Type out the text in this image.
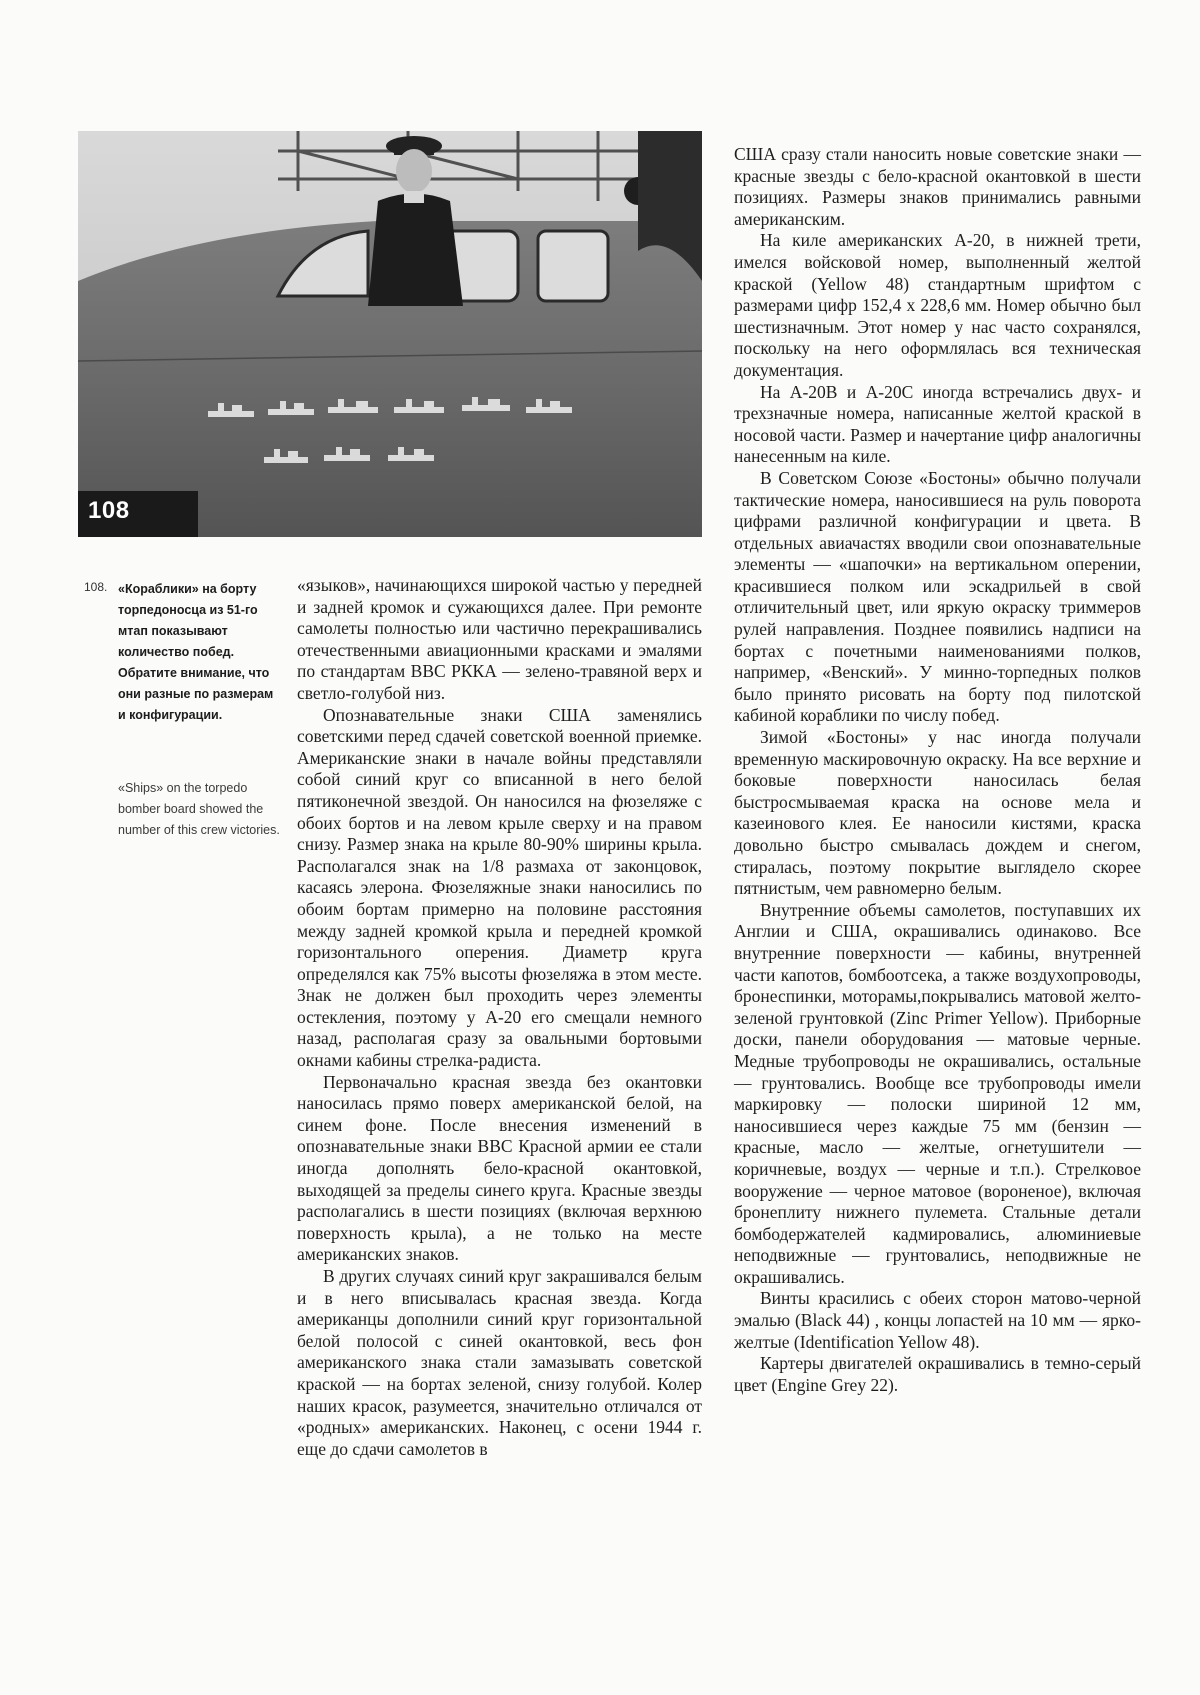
108
108. «Кораблики» на борту торпедоносца из 51-го мтап показывают количество побед. Обратите внимание, что они разные по размерам и конфигурации.
«Ships» on the torpedo bomber board showed the number of this crew victories.

«языков», начинающихся широкой частью у передней и задней кромок и сужающихся далее. При ремонте самолеты полностью или частично перекрашивались отечественными авиационными красками и эмалями по стандартам ВВС РККА — зелено-травяной верх и светло-голубой низ.

Опознавательные знаки США заменялись советскими перед сдачей советской военной приемке. Американские знаки в начале войны представляли собой синий круг со вписанной в него белой пятиконечной звездой. Он наносился на фюзеляже с обоих бортов и на левом крыле сверху и на правом снизу. Размер знака на крыле 80-90% ширины крыла. Располагался знак на 1/8 размаха от законцовок, касаясь элерона. Фюзеляжные знаки наносились по обоим бортам примерно на половине расстояния между задней кромкой крыла и передней кромкой горизонтального оперения. Диаметр круга определялся как 75% высоты фюзеляжа в этом месте. Знак не должен был проходить через элементы остекления, поэтому у А-20 его смещали немного назад, располагая сразу за овальными бортовыми окнами кабины стрелка-радиста.

Первоначально красная звезда без окантовки наносилась прямо поверх американской белой, на синем фоне. После внесения изменений в опознавательные знаки ВВС Красной армии ее стали иногда дополнять бело-красной окантовкой, выходящей за пределы синего круга. Красные звезды располагались в шести позициях (включая верхнюю поверхность крыла), а не только на месте американских знаков.

В других случаях синий круг закрашивался белым и в него вписывалась красная звезда. Когда американцы дополнили синий круг горизонтальной белой полосой с синей окантовкой, весь фон американского знака стали замазывать советской краской — на бортах зеленой, снизу голубой. Колер наших красок, разумеется, значительно отличался от «родных» американских. Наконец, с осени 1944 г. еще до сдачи самолетов в

США сразу стали наносить новые советские знаки — красные звезды с бело-красной окантовкой в шести позициях. Размеры знаков принимались равными американским.

На киле американских А-20, в нижней трети, имелся войсковой номер, выполненный желтой краской (Yellow 48) стандартным шрифтом с размерами цифр 152,4 х 228,6 мм. Номер обычно был шестизначным. Этот номер у нас часто сохранялся, поскольку на него оформлялась вся техническая документация.

На А-20В и А-20С иногда встречались двух- и трехзначные номера, написанные желтой краской в носовой части. Размер и начертание цифр аналогичны нанесенным на киле.

В Советском Союзе «Бостоны» обычно получали тактические номера, наносившиеся на руль поворота цифрами различной конфигурации и цвета. В отдельных авиачастях вводили свои опознавательные элементы — «шапочки» на вертикальном оперении, красившиеся полком или эскадрильей в свой отличительный цвет, или яркую окраску триммеров рулей направления. Позднее появились надписи на бортах с почетными наименованиями полков, например, «Венский». У минно-торпедных полков было принято рисовать на борту под пилотской кабиной кораблики по числу побед.

Зимой «Бостоны» у нас иногда получали временную маскировочную окраску. На все верхние и боковые поверхности наносилась белая быстросмываемая краска на основе мела и казеинового клея. Ее наносили кистями, краска довольно быстро смывалась дождем и снегом, стиралась, поэтому покрытие выглядело скорее пятнистым, чем равномерно белым.

Внутренние объемы самолетов, поступавших их Англии и США, окрашивались одинаково. Все внутренние поверхности — кабины, внутренней части капотов, бомбоотсека, а также воздухопроводы, бронеспинки, моторамы,покрывались матовой желто-зеленой грунтовкой (Zinc Primer Yellow). Приборные доски, панели оборудования — матовые черные. Медные трубопроводы не окрашивались, остальные — грунтовались. Вообще все трубопроводы имели маркировку — полоски шириной 12 мм, наносившиеся через каждые 75 мм (бензин — красные, масло — желтые, огнетушители — коричневые, воздух — черные и т.п.). Стрелковое вооружение — черное матовое (вороненое), включая бронеплиту нижнего пулемета. Стальные детали бомбодержателей кадмировались, алюминиевые неподвижные — грунтовались, неподвижные не окрашивались.

Винты красились с обеих сторон матово-черной эмалью (Black 44) , концы лопастей на 10 мм — ярко-желтые (Identification Yellow 48).

Картеры двигателей окрашивались в темно-серый цвет (Engine Grey 22).
